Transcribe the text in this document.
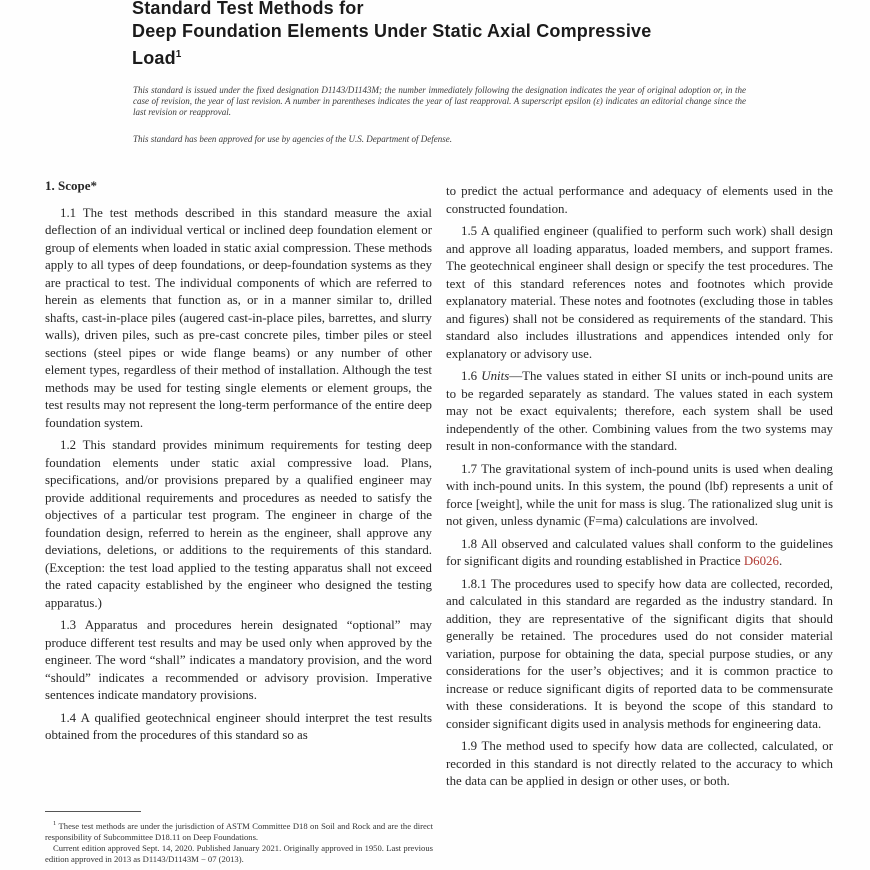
Standard Test Methods for
Deep Foundation Elements Under Static Axial Compressive
Load$^1$
This standard is issued under the fixed designation D1143/D1143M; the number immediately following the designation indicates the year of original adoption or, in the case of revision, the year of last revision. A number in parentheses indicates the year of last reapproval. A superscript epsilon (ε) indicates an editorial change since the last revision or reapproval.
This standard has been approved for use by agencies of the U.S. Department of Defense.
1. Scope*

1.1 The test methods described in this standard measure the axial deflection of an individual vertical or inclined deep foundation element or group of elements when loaded in static axial compression. These methods apply to all types of deep foundations, or deep-foundation systems as they are practical to test. The individual components of which are referred to herein as elements that function as, or in a manner similar to, drilled shafts, cast-in-place piles (augered cast-in-place piles, barrettes, and slurry walls), driven piles, such as pre-cast concrete piles, timber piles or steel sections (steel pipes or wide flange beams) or any number of other element types, regardless of their method of installation. Although the test methods may be used for testing single elements or element groups, the test results may not represent the long-term performance of the entire deep foundation system.

1.2 This standard provides minimum requirements for testing deep foundation elements under static axial compressive load. Plans, specifications, and/or provisions prepared by a qualified engineer may provide additional requirements and procedures as needed to satisfy the objectives of a particular test program. The engineer in charge of the foundation design, referred to herein as the engineer, shall approve any deviations, deletions, or additions to the requirements of this standard. (Exception: the test load applied to the testing apparatus shall not exceed the rated capacity established by the engineer who designed the testing apparatus.)

1.3 Apparatus and procedures herein designated “optional” may produce different test results and may be used only when approved by the engineer. The word “shall” indicates a mandatory provision, and the word “should” indicates a recommended or advisory provision. Imperative sentences indicate mandatory provisions.

1.4 A qualified geotechnical engineer should interpret the test results obtained from the procedures of this standard so as

to predict the actual performance and adequacy of elements used in the constructed foundation.

1.5 A qualified engineer (qualified to perform such work) shall design and approve all loading apparatus, loaded members, and support frames. The geotechnical engineer shall design or specify the test procedures. The text of this standard references notes and footnotes which provide explanatory material. These notes and footnotes (excluding those in tables and figures) shall not be considered as requirements of the standard. This standard also includes illustrations and appendices intended only for explanatory or advisory use.

1.6 Units—The values stated in either SI units or inch-pound units are to be regarded separately as standard. The values stated in each system may not be exact equivalents; therefore, each system shall be used independently of the other. Combining values from the two systems may result in non-conformance with the standard.

1.7 The gravitational system of inch-pound units is used when dealing with inch-pound units. In this system, the pound (lbf) represents a unit of force [weight], while the unit for mass is slug. The rationalized slug unit is not given, unless dynamic (F=ma) calculations are involved.

1.8 All observed and calculated values shall conform to the guidelines for significant digits and rounding established in Practice D6026.

1.8.1 The procedures used to specify how data are collected, recorded, and calculated in this standard are regarded as the industry standard. In addition, they are representative of the significant digits that should generally be retained. The procedures used do not consider material variation, purpose for obtaining the data, special purpose studies, or any considerations for the user’s objectives; and it is common practice to increase or reduce significant digits of reported data to be commensurate with these considerations. It is beyond the scope of this standard to consider significant digits used in analysis methods for engineering data.

1.9 The method used to specify how data are collected, calculated, or recorded in this standard is not directly related to the accuracy to which the data can be applied in design or other uses, or both.

$^1$ These test methods are under the jurisdiction of ASTM Committee D18 on Soil and Rock and are the direct responsibility of Subcommittee D18.11 on Deep Foundations.

Current edition approved Sept. 14, 2020. Published January 2021. Originally approved in 1950. Last previous edition approved in 2013 as D1143/D1143M − 07 (2013).
